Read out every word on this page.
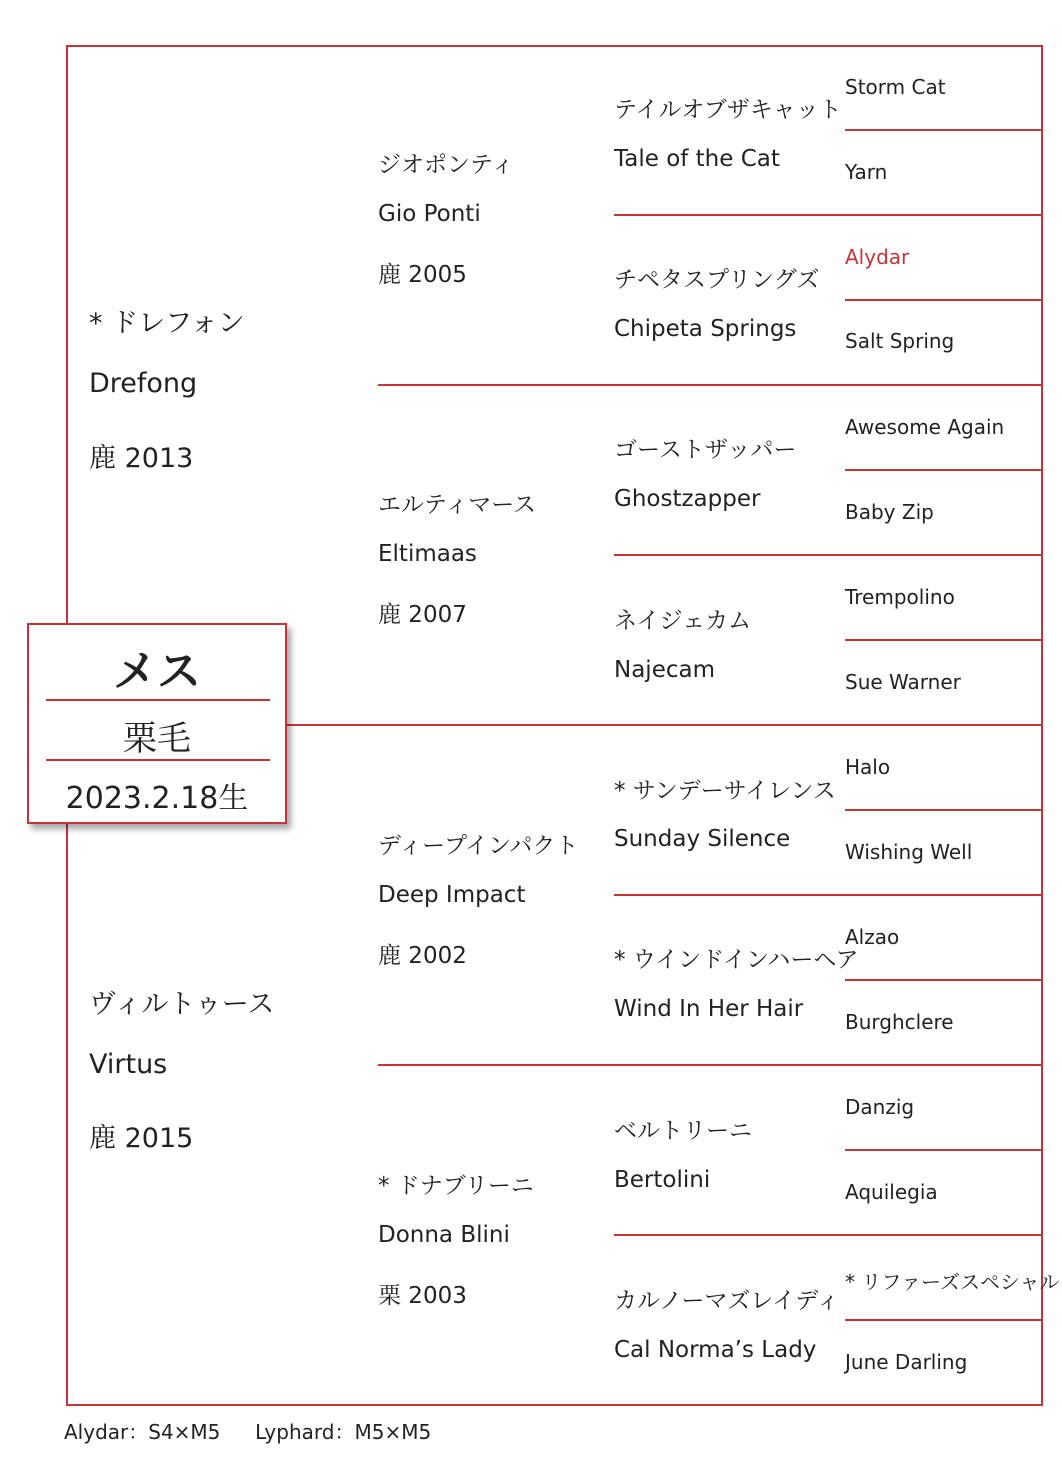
* ドレフォン
Drefong
鹿 2013
ヴィルトゥース
Virtus
鹿 2015
ジオポンティ
Gio Ponti
鹿 2005
エルティマース
Eltimaas
鹿 2007
ディープインパクト
Deep Impact
鹿 2002
* ドナブリーニ
Donna Blini
栗 2003
テイルオブザキャット
Tale of the Cat
チペタスプリングズ
Chipeta Springs
ゴーストザッパー
Ghostzapper
ネイジェカム
Najecam
* サンデーサイレンス
Sunday Silence
* ウインドインハーヘア
Wind In Her Hair
ベルトリーニ
Bertolini
カルノーマズレイディ
Cal Norma’s Lady
Storm Cat
Yarn
Alydar
Salt Spring
Awesome Again
Baby Zip
Trempolino
Sue Warner
Halo
Wishing Well
Alzao
Burghclere
Danzig
Aquilegia
* リファーズスペシャル
June Darling
メス
栗毛
2023.2.18生
Alydar：S4×M5 Lyphard：M5×M5
